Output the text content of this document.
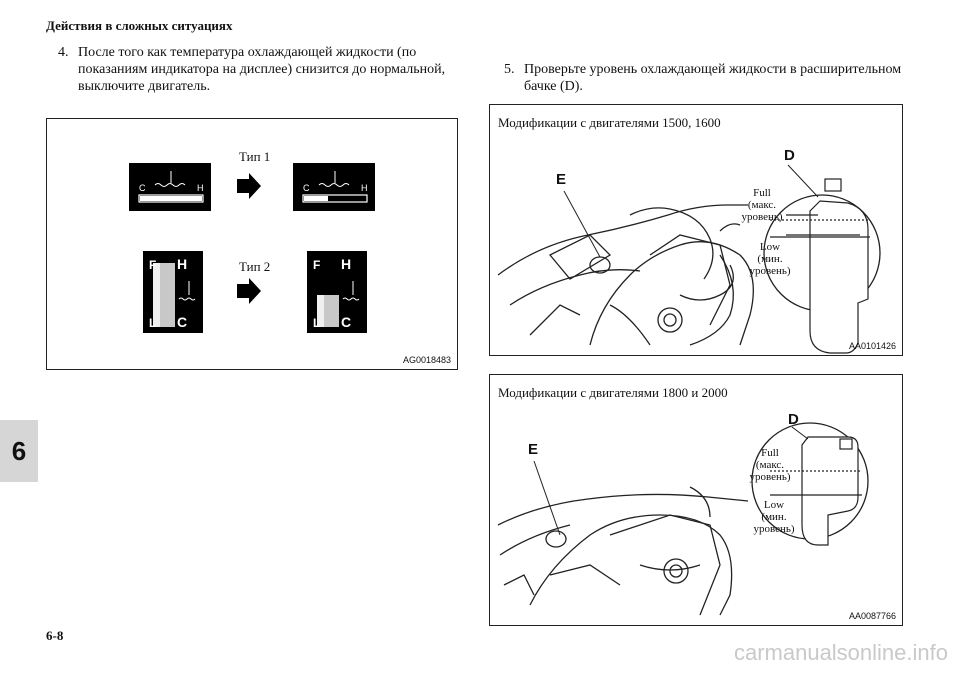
Действия в сложных ситуациях
4. После того как температура охлаждающей жидкости (по
показаниям индикатора на дисплее) снизится до нормальной,
выключите двигатель.
5. Проверьте уровень охлаждающей жидкости в расширительном
бачке (D).
C	H	C	H
F H
L C
F H
L C
Тип 1
Тип 2
AG0018483
Модификации с двигателями 1500, 1600
E
D
Full
(макс.
уровень)
Low
(мин.
уровень)
AA0101426
Модификации с двигателями 1800 и 2000
E
D
Full
(макс.
уровень)
Low
(мин.
уровень)
AA0087766
6
6-8
carmanualsonline.info
